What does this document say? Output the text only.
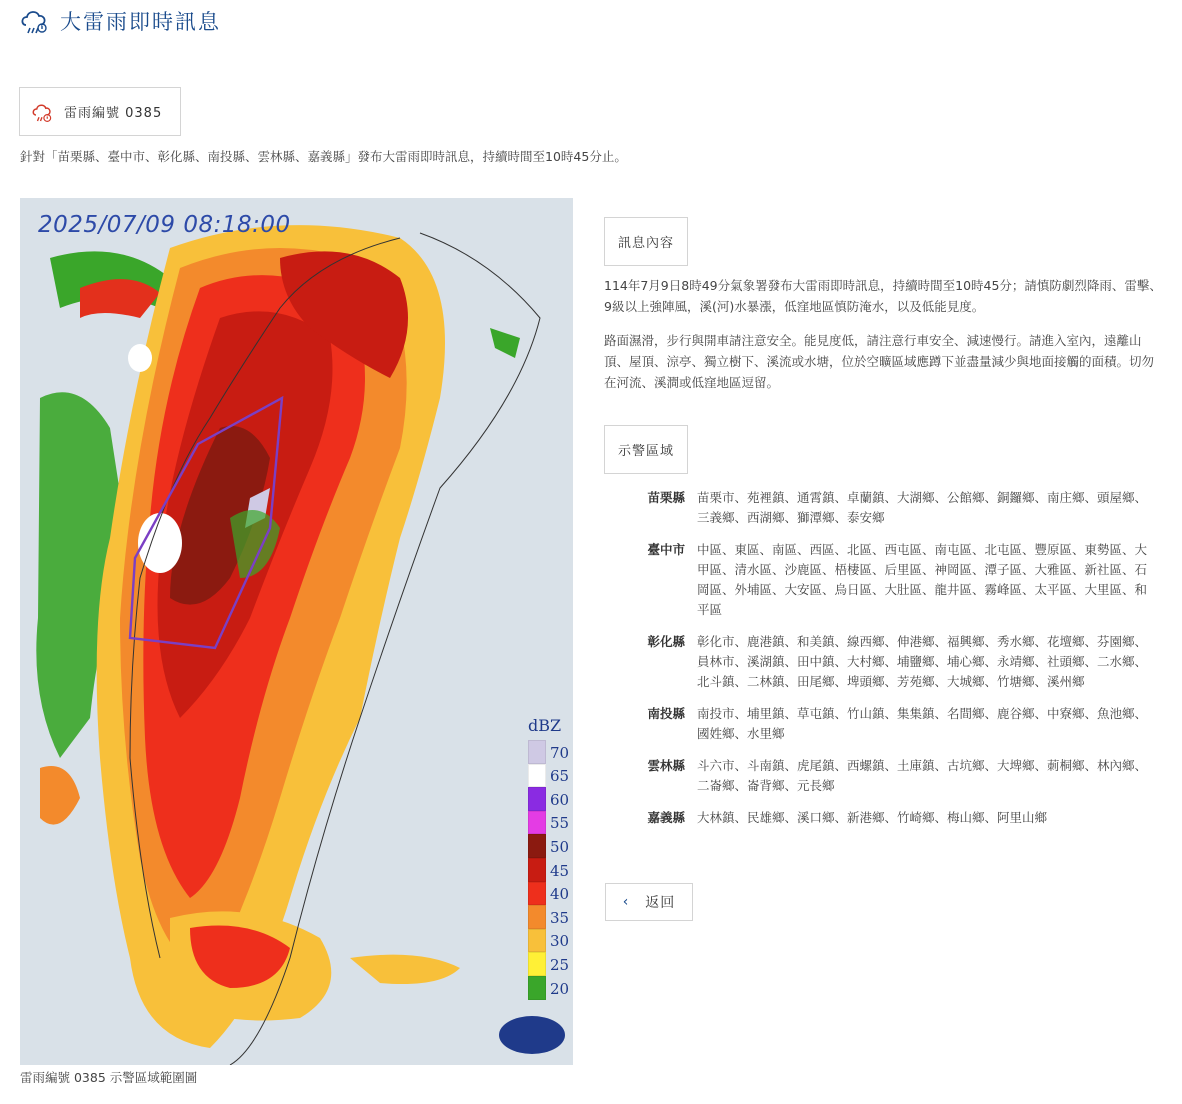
大雷雨即時訊息
雷雨編號 0385
針對「苗栗縣、臺中市、彰化縣、南投縣、雲林縣、嘉義縣」發布大雷雨即時訊息，持續時間至10時45分止。
2025/07/09 08:18:00
dBZ
70
65
60
55
50
45
40
35
30
25
20
雷雨編號 0385 示警區域範圍圖
訊息內容
114年7月9日8時49分氣象署發布大雷雨即時訊息，持續時間至10時45分；請慎防劇烈降雨、雷擊、9級以上強陣風，溪(河)水暴漲，低窪地區慎防淹水，以及低能見度。
路面濕滑，步行與開車請注意安全。能見度低，請注意行車安全、減速慢行。請進入室內，遠離山頂、屋頂、涼亭、獨立樹下、溪流或水塘，位於空曠區域應蹲下並盡量減少與地面接觸的面積。切勿在河流、溪澗或低窪地區逗留。
示警區域
苗栗縣 苗栗市、苑裡鎮、通霄鎮、卓蘭鎮、大湖鄉、公館鄉、銅鑼鄉、南庄鄉、頭屋鄉、三義鄉、西湖鄉、獅潭鄉、泰安鄉
臺中市 中區、東區、南區、西區、北區、西屯區、南屯區、北屯區、豐原區、東勢區、大甲區、清水區、沙鹿區、梧棲區、后里區、神岡區、潭子區、大雅區、新社區、石岡區、外埔區、大安區、烏日區、大肚區、龍井區、霧峰區、太平區、大里區、和平區
彰化縣 彰化市、鹿港鎮、和美鎮、線西鄉、伸港鄉、福興鄉、秀水鄉、花壇鄉、芬園鄉、員林市、溪湖鎮、田中鎮、大村鄉、埔鹽鄉、埔心鄉、永靖鄉、社頭鄉、二水鄉、北斗鎮、二林鎮、田尾鄉、埤頭鄉、芳苑鄉、大城鄉、竹塘鄉、溪州鄉
南投縣 南投市、埔里鎮、草屯鎮、竹山鎮、集集鎮、名間鄉、鹿谷鄉、中寮鄉、魚池鄉、國姓鄉、水里鄉
雲林縣 斗六市、斗南鎮、虎尾鎮、西螺鎮、土庫鎮、古坑鄉、大埤鄉、莿桐鄉、林內鄉、二崙鄉、崙背鄉、元長鄉
嘉義縣 大林鎮、民雄鄉、溪口鄉、新港鄉、竹崎鄉、梅山鄉、阿里山鄉
‹ 返回
